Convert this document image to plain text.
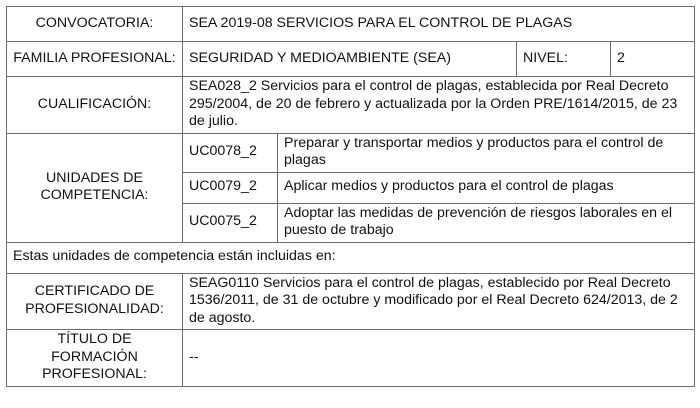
CONVOCATORIA:	SEA 2019-08 SERVICIOS PARA EL CONTROL DE PLAGAS			
FAMILIA PROFESIONAL:	SEGURIDAD Y MEDIOAMBIENTE (SEA)		NIVEL:	2
CUALIFICACIÓN:	SEA028_2 Servicios para el control de plagas, establecida por Real Decreto 295/2004, de 20 de febrero y actualizada por la Orden PRE/1614/2015, de 23 de julio.			
UNIDADES DE COMPETENCIA:	UC0078_2	Preparar y transportar medios y productos para el control de plagas		
	UC0079_2	Aplicar medios y productos para el control de plagas		
	UC0075_2	Adoptar las medidas de prevención de riesgos laborales en el puesto de trabajo		
Estas unidades de competencia están incluidas en:				
CERTIFICADO DE PROFESIONALIDAD:	SEAG0110 Servicios para el control de plagas, establecido por Real Decreto 1536/2011, de 31 de octubre y modificado por el Real Decreto 624/2013, de 2 de agosto.			
TÍTULO DE FORMACIÓN PROFESIONAL:	--			
